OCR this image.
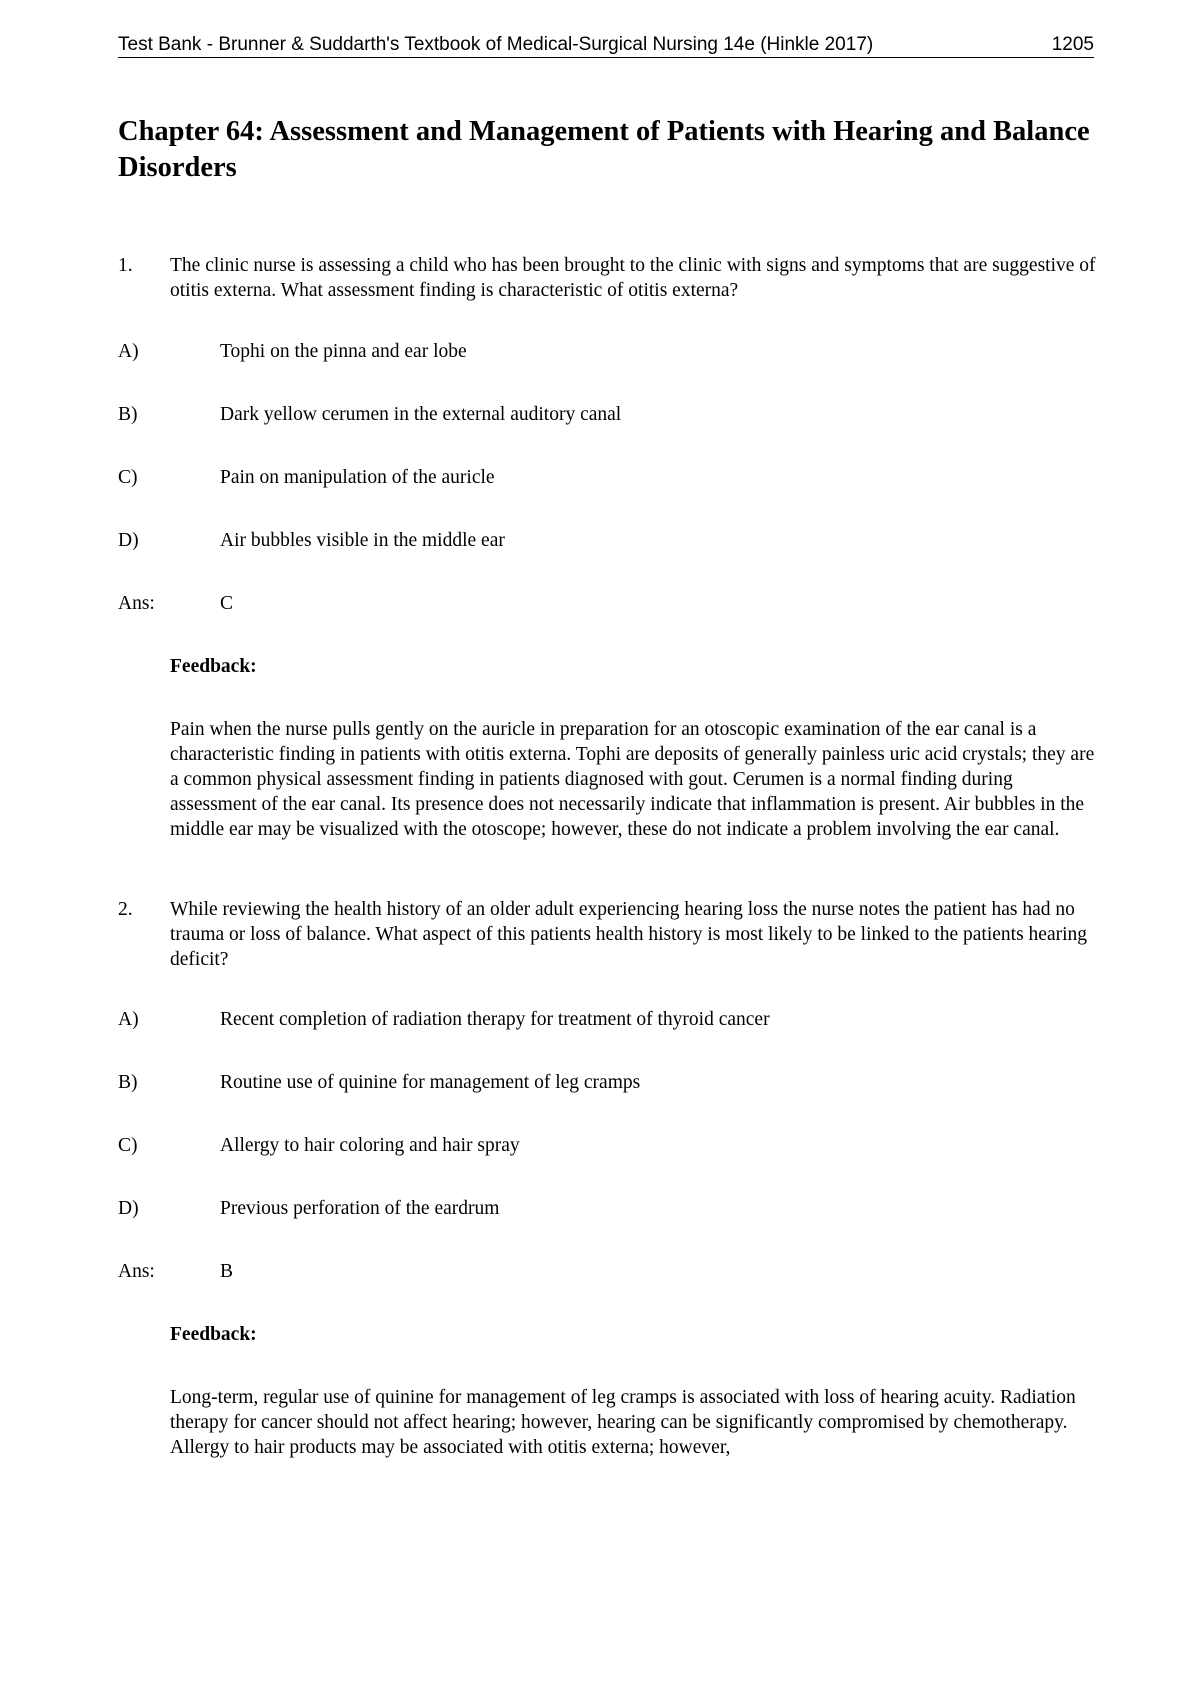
Test Bank - Brunner & Suddarth's Textbook of Medical-Surgical Nursing 14e (Hinkle 2017)	1205
Chapter 64: Assessment and Management of Patients with Hearing and Balance Disorders
1.	The clinic nurse is assessing a child who has been brought to the clinic with signs and symptoms that are suggestive of otitis externa. What assessment finding is characteristic of otitis externa?
A)	Tophi on the pinna and ear lobe
B)	Dark yellow cerumen in the external auditory canal
C)	Pain on manipulation of the auricle
D)	Air bubbles visible in the middle ear
Ans:	C
Feedback:
Pain when the nurse pulls gently on the auricle in preparation for an otoscopic examination of the ear canal is a characteristic finding in patients with otitis externa. Tophi are deposits of generally painless uric acid crystals; they are a common physical assessment finding in patients diagnosed with gout. Cerumen is a normal finding during assessment of the ear canal. Its presence does not necessarily indicate that inflammation is present. Air bubbles in the middle ear may be visualized with the otoscope; however, these do not indicate a problem involving the ear canal.
2.	While reviewing the health history of an older adult experiencing hearing loss the nurse notes the patient has had no trauma or loss of balance. What aspect of this patients health history is most likely to be linked to the patients hearing deficit?
A)	Recent completion of radiation therapy for treatment of thyroid cancer
B)	Routine use of quinine for management of leg cramps
C)	Allergy to hair coloring and hair spray
D)	Previous perforation of the eardrum
Ans:	B
Feedback:
Long-term, regular use of quinine for management of leg cramps is associated with loss of hearing acuity. Radiation therapy for cancer should not affect hearing; however, hearing can be significantly compromised by chemotherapy. Allergy to hair products may be associated with otitis externa; however,
